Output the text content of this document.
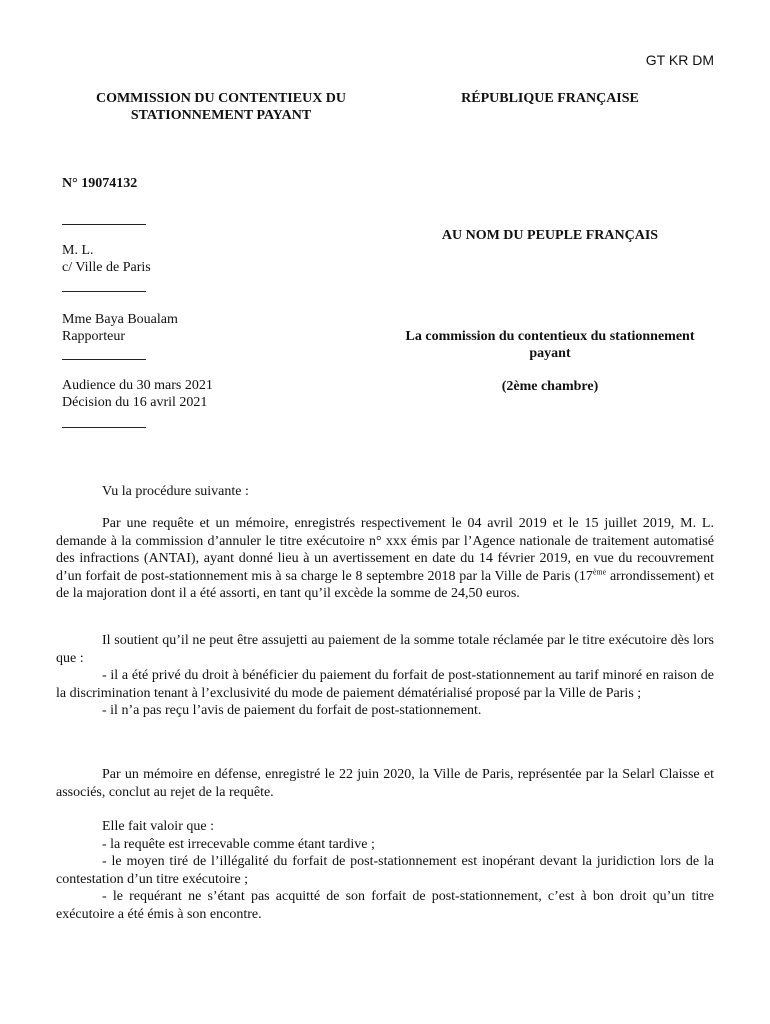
GT KR DM
COMMISSION DU CONTENTIEUX DU
STATIONNEMENT PAYANT
RÉPUBLIQUE FRANÇAISE
N° 19074132
M. L.
c/ Ville de Paris
Mme Baya Boualam
Rapporteur
Audience du 30 mars 2021
Décision du 16 avril 2021
AU NOM DU PEUPLE FRANÇAIS
La commission du contentieux du stationnement
payant
(2ème chambre)

Vu la procédure suivante :

Par une requête et un mémoire, enregistrés respectivement le 04 avril 2019 et le 15 juillet 2019, M. L. demande à la commission d’annuler le titre exécutoire n° xxx émis par l’Agence nationale de traitement automatisé des infractions (ANTAI), ayant donné lieu à un avertissement en date du 14 février 2019, en vue du recouvrement d’un forfait de post-stationnement mis à sa charge le 8 septembre 2018 par la Ville de Paris (17ème arrondissement) et de la majoration dont il a été assorti, en tant qu’il excède la somme de 24,50 euros.

Il soutient qu’il ne peut être assujetti au paiement de la somme totale réclamée par le titre exécutoire dès lors que :

- il a été privé du droit à bénéficier du paiement du forfait de post-stationnement au tarif minoré en raison de la discrimination tenant à l’exclusivité du mode de paiement dématérialisé proposé par la Ville de Paris ;

- il n’a pas reçu l’avis de paiement du forfait de post-stationnement.

Par un mémoire en défense, enregistré le 22 juin 2020, la Ville de Paris, représentée par la Selarl Claisse et associés, conclut au rejet de la requête.

Elle fait valoir que :

- la requête est irrecevable comme étant tardive ;

- le moyen tiré de l’illégalité du forfait de post-stationnement est inopérant devant la juridiction lors de la contestation d’un titre exécutoire ;

- le requérant ne s’étant pas acquitté de son forfait de post-stationnement, c’est à bon droit qu’un titre exécutoire a été émis à son encontre.
